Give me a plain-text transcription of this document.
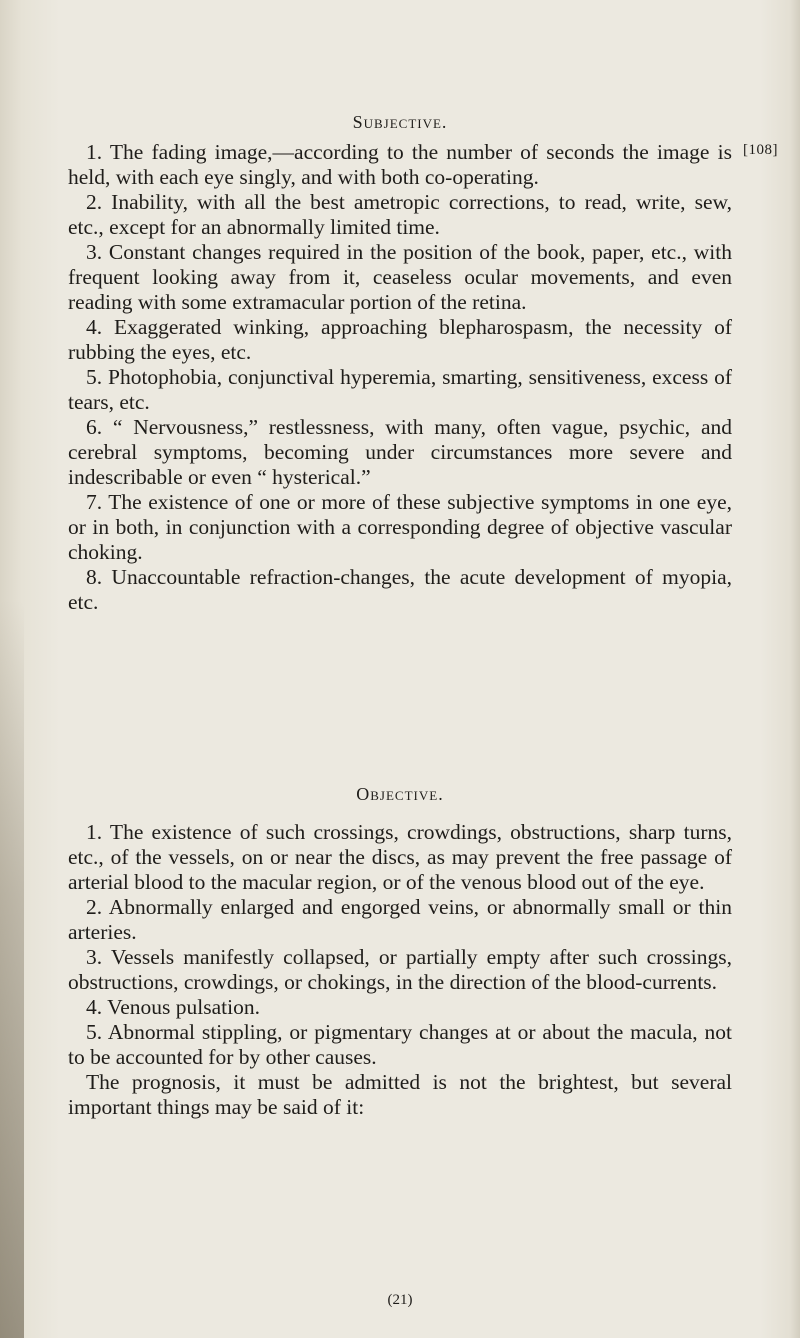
[108]
Subjective.

1. The fading image,—according to the number of seconds the image is held, with each eye singly, and with both co-operating.

2. Inability, with all the best ametropic corrections, to read, write, sew, etc., except for an abnormally limited time.

3. Constant changes required in the position of the book, paper, etc., with frequent looking away from it, ceaseless ocular movements, and even reading with some extramacular portion of the retina.

4. Exaggerated winking, approaching blepharospasm, the necessity of rubbing the eyes, etc.

5. Photophobia, conjunctival hyperemia, smarting, sensitiveness, excess of tears, etc.

6. “ Nervousness,” restlessness, with many, often vague, psychic, and cerebral symptoms, becoming under circumstances more severe and indescribable or even “ hysterical.”

7. The existence of one or more of these subjective symptoms in one eye, or in both, in conjunction with a corresponding degree of objective vascular choking.

8. Unaccountable refraction-changes, the acute development of myopia, etc.

Objective.

1. The existence of such crossings, crowdings, obstructions, sharp turns, etc., of the vessels, on or near the discs, as may prevent the free passage of arterial blood to the macular region, or of the venous blood out of the eye.

2. Abnormally enlarged and engorged veins, or abnormally small or thin arteries.

3. Vessels manifestly collapsed, or partially empty after such crossings, obstructions, crowdings, or chokings, in the direction of the blood-currents.

4. Venous pulsation.

5. Abnormal stippling, or pigmentary changes at or about the macula, not to be accounted for by other causes.

The prognosis, it must be admitted is not the brightest, but several important things may be said of it:

(21)
